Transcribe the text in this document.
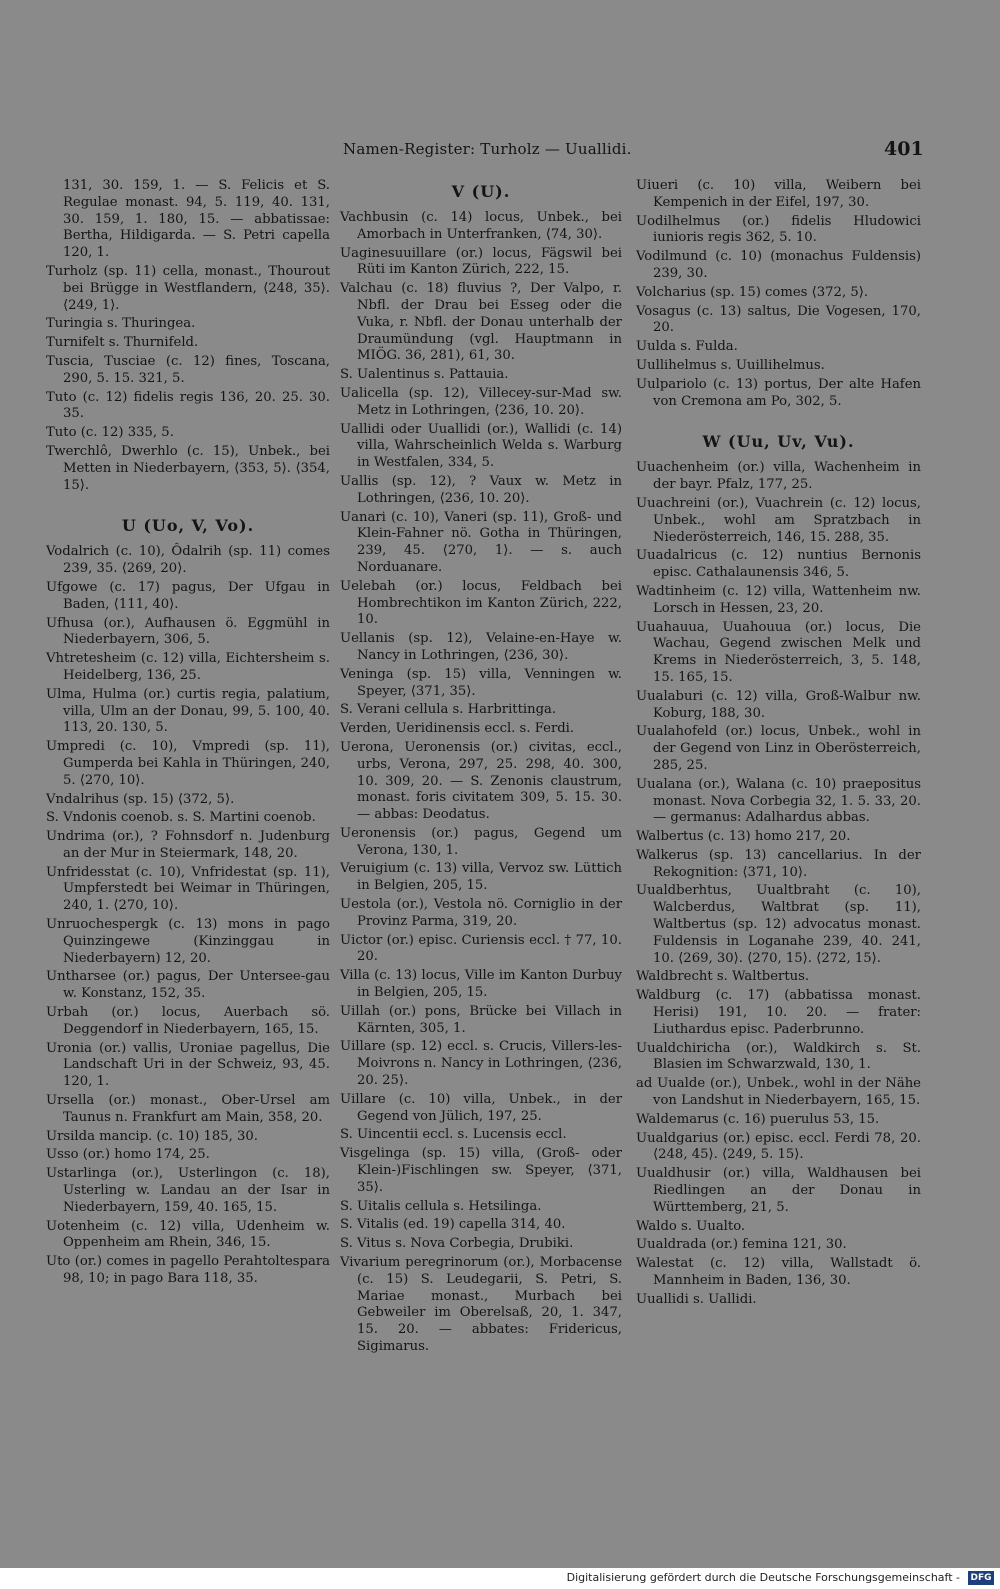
Namen-Register: Turholz — Uuallidi.	401
131, 30. 159, 1. — S. Felicis et S. Regulae monast. 94, 5. 119, 40. 131, 30. 159, 1. 180, 15. — abbatissae: Bertha, Hildigarda. — S. Petri capella 120, 1.
Turholz (sp. 11) cella, monast., Thourout bei Brügge in Westflandern, ⟨248, 35⟩. ⟨249, 1⟩.
Turingia s. Thuringea.
Turnifelt s. Thurnifeld.
Tuscia, Tusciae (c. 12) fines, Toscana, 290, 5. 15. 321, 5.
Tuto (c. 12) fidelis regis 136, 20. 25. 30. 35.
Tuto (c. 12) 335, 5.
Twerchlô, Dwerhlo (c. 15), Unbek., bei Metten in Niederbayern, ⟨353, 5⟩. ⟨354, 15⟩.
U (Uo, V, Vo).
Vodalrich (c. 10), Ôdalrih (sp. 11) comes 239, 35. ⟨269, 20⟩.
Ufgowe (c. 17) pagus, Der Ufgau in Baden, ⟨111, 40⟩.
Ufhusa (or.), Aufhausen ö. Eggmühl in Niederbayern, 306, 5.
Vhtretesheim (c. 12) villa, Eichtersheim s. Heidelberg, 136, 25.
Ulma, Hulma (or.) curtis regia, palatium, villa, Ulm an der Donau, 99, 5. 100, 40. 113, 20. 130, 5.
Umpredi (c. 10), Vmpredi (sp. 11), Gumperda bei Kahla in Thüringen, 240, 5. ⟨270, 10⟩.
Vndalrihus (sp. 15) ⟨372, 5⟩.
S. Vndonis coenob. s. S. Martini coenob.
Undrima (or.), ? Fohnsdorf n. Judenburg an der Mur in Steiermark, 148, 20.
Unfridesstat (c. 10), Vnfridestat (sp. 11), Umpferstedt bei Weimar in Thüringen, 240, 1. ⟨270, 10⟩.
Unruochespergk (c. 13) mons in pago Quinzingewe (Kinzinggau in Niederbayern) 12, 20.
Untharsee (or.) pagus, Der Untersee-gau w. Konstanz, 152, 35.
Urbah (or.) locus, Auerbach sö. Deggendorf in Niederbayern, 165, 15.
Uronia (or.) vallis, Uroniae pagellus, Die Landschaft Uri in der Schweiz, 93, 45. 120, 1.
Ursella (or.) monast., Ober-Ursel am Taunus n. Frankfurt am Main, 358, 20.
Ursilda mancip. (c. 10) 185, 30.
Usso (or.) homo 174, 25.
Ustarlinga (or.), Usterlingon (c. 18), Usterling w. Landau an der Isar in Niederbayern, 159, 40. 165, 15.
Uotenheim (c. 12) villa, Udenheim w. Oppenheim am Rhein, 346, 15.
Uto (or.) comes in pagello Perahtoltespara 98, 10; in pago Bara 118, 35.
V (U).
Vachbusin (c. 14) locus, Unbek., bei Amorbach in Unterfranken, ⟨74, 30⟩.
Uaginesuuillare (or.) locus, Fägswil bei Rüti im Kanton Zürich, 222, 15.
Valchau (c. 18) fluvius ?, Der Valpo, r. Nbfl. der Drau bei Esseg oder die Vuka, r. Nbfl. der Donau unterhalb der Draumündung (vgl. Hauptmann in MIÖG. 36, 281), 61, 30.
S. Ualentinus s. Pattauia.
Ualicella (sp. 12), Villecey-sur-Mad sw. Metz in Lothringen, ⟨236, 10. 20⟩.
Uallidi oder Uuallidi (or.), Wallidi (c. 14) villa, Wahrscheinlich Welda s. Warburg in Westfalen, 334, 5.
Uallis (sp. 12), ? Vaux w. Metz in Lothringen, ⟨236, 10. 20⟩.
Uanari (c. 10), Vaneri (sp. 11), Groß- und Klein-Fahner nö. Gotha in Thüringen, 239, 45. ⟨270, 1⟩. — s. auch Norduanare.
Uelebah (or.) locus, Feldbach bei Hombrechtikon im Kanton Zürich, 222, 10.
Uellanis (sp. 12), Velaine-en-Haye w. Nancy in Lothringen, ⟨236, 30⟩.
Veninga (sp. 15) villa, Venningen w. Speyer, ⟨371, 35⟩.
S. Verani cellula s. Harbrittinga.
Verden, Ueridinensis eccl. s. Ferdi.
Uerona, Ueronensis (or.) civitas, eccl., urbs, Verona, 297, 25. 298, 40. 300, 10. 309, 20. — S. Zenonis claustrum, monast. foris civitatem 309, 5. 15. 30. — abbas: Deodatus.
Ueronensis (or.) pagus, Gegend um Verona, 130, 1.
Veruigium (c. 13) villa, Vervoz sw. Lüttich in Belgien, 205, 15.
Uestola (or.), Vestola nö. Corniglio in der Provinz Parma, 319, 20.
Uictor (or.) episc. Curiensis eccl. † 77, 10. 20.
Villa (c. 13) locus, Ville im Kanton Durbuy in Belgien, 205, 15.
Uillah (or.) pons, Brücke bei Villach in Kärnten, 305, 1.
Uillare (sp. 12) eccl. s. Crucis, Villers-les-Moivrons n. Nancy in Lothringen, ⟨236, 20. 25⟩.
Uillare (c. 10) villa, Unbek., in der Gegend von Jülich, 197, 25.
S. Uincentii eccl. s. Lucensis eccl.
Visgelinga (sp. 15) villa, (Groß- oder Klein-)Fischlingen sw. Speyer, ⟨371, 35⟩.
S. Uitalis cellula s. Hetsilinga.
S. Vitalis (ed. 19) capella 314, 40.
S. Vitus s. Nova Corbegia, Drubiki.
Vivarium peregrinorum (or.), Morbacense (c. 15) S. Leudegarii, S. Petri, S. Mariae monast., Murbach bei Gebweiler im Oberelsaß, 20, 1. 347, 15. 20. — abbates: Fridericus, Sigimarus.
Uiueri (c. 10) villa, Weibern bei Kempenich in der Eifel, 197, 30.
Uodilhelmus (or.) fidelis Hludowici iunioris regis 362, 5. 10.
Vodilmund (c. 10) (monachus Fuldensis) 239, 30.
Volcharius (sp. 15) comes ⟨372, 5⟩.
Vosagus (c. 13) saltus, Die Vogesen, 170, 20.
Uulda s. Fulda.
Uullihelmus s. Uuillihelmus.
Uulpariolo (c. 13) portus, Der alte Hafen von Cremona am Po, 302, 5.
W (Uu, Uv, Vu).
Uuachenheim (or.) villa, Wachenheim in der bayr. Pfalz, 177, 25.
Uuachreini (or.), Vuachrein (c. 12) locus, Unbek., wohl am Spratzbach in Niederösterreich, 146, 15. 288, 35.
Uuadalricus (c. 12) nuntius Bernonis episc. Cathalaunensis 346, 5.
Wadtinheim (c. 12) villa, Wattenheim nw. Lorsch in Hessen, 23, 20.
Uuahauua, Uuahouua (or.) locus, Die Wachau, Gegend zwischen Melk und Krems in Niederösterreich, 3, 5. 148, 15. 165, 15.
Uualaburi (c. 12) villa, Groß-Walbur nw. Koburg, 188, 30.
Uualahofeld (or.) locus, Unbek., wohl in der Gegend von Linz in Oberösterreich, 285, 25.
Uualana (or.), Walana (c. 10) praepositus monast. Nova Corbegia 32, 1. 5. 33, 20. — germanus: Adalhardus abbas.
Walbertus (c. 13) homo 217, 20.
Walkerus (sp. 13) cancellarius. In der Rekognition: ⟨371, 10⟩.
Uualdberhtus, Uualtbraht (c. 10), Walcberdus, Waltbrat (sp. 11), Waltbertus (sp. 12) advocatus monast. Fuldensis in Loganahe 239, 40. 241, 10. ⟨269, 30⟩. ⟨270, 15⟩. ⟨272, 15⟩.
Waldbrecht s. Waltbertus.
Waldburg (c. 17) (abbatissa monast. Herisi) 191, 10. 20. — frater: Liuthardus episc. Paderbrunno.
Uualdchiricha (or.), Waldkirch s. St. Blasien im Schwarzwald, 130, 1.
ad Uualde (or.), Unbek., wohl in der Nähe von Landshut in Niederbayern, 165, 15.
Waldemarus (c. 16) puerulus 53, 15.
Uualdgarius (or.) episc. eccl. Ferdi 78, 20. ⟨248, 45⟩. ⟨249, 5. 15⟩.
Uualdhusir (or.) villa, Waldhausen bei Riedlingen an der Donau in Württemberg, 21, 5.
Waldo s. Uualto.
Uualdrada (or.) femina 121, 30.
Walestat (c. 12) villa, Wallstadt ö. Mannheim in Baden, 136, 30.
Uuallidi s. Uallidi.
Digitalisierung gefördert durch die Deutsche Forschungsgemeinschaft - DFG
